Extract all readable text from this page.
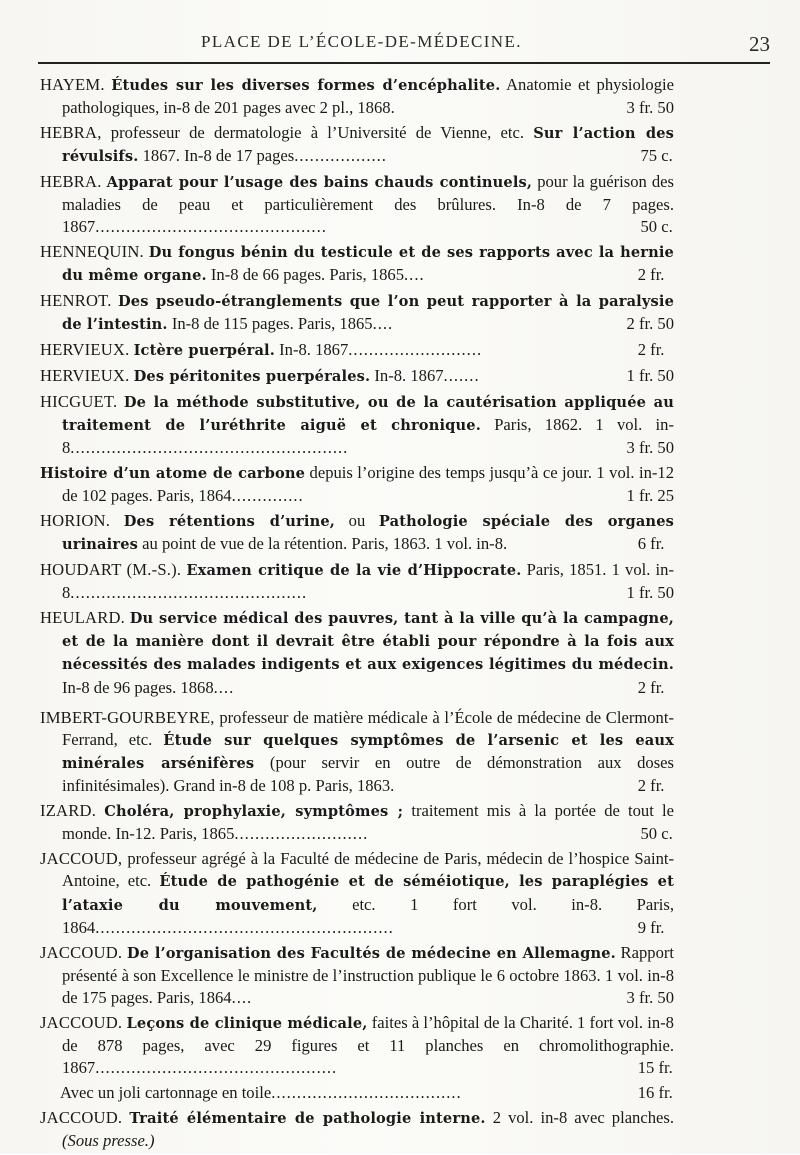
PLACE DE L’ÉCOLE-DE-MÉDECINE.	23

HAYEM. Études sur les diverses formes d’encéphalite. Anatomie et physiologie pathologiques, in-8 de 201 pages avec 2 pl., 1868.	3 fr. 50

HEBRA, professeur de dermatologie à l’Université de Vienne, etc. Sur l’action des révulsifs. 1867. In-8 de 17 pages..................	75 c.

HEBRA. Apparat pour l’usage des bains chauds continuels, pour la guérison des maladies de peau et particulièrement des brûlures. In-8 de 7 pages. 1867.............................................	50 c.

HENNEQUIN. Du fongus bénin du testicule et de ses rapports avec la hernie du même organe. In-8 de 66 pages. Paris, 1865....	2 fr.

HENROT. Des pseudo-étranglements que l’on peut rapporter à la paralysie de l’intestin. In-8 de 115 pages. Paris, 1865....	2 fr. 50

HERVIEUX. Ictère puerpéral. In-8. 1867..........................	2 fr.

HERVIEUX. Des péritonites puerpérales. In-8. 1867.......	1 fr. 50

HICGUET. De la méthode substitutive, ou de la cautérisation appliquée au traitement de l’uréthrite aiguë et chronique. Paris, 1862. 1 vol. in-8......................................................	3 fr. 50

Histoire d’un atome de carbone depuis l’origine des temps jusqu’à ce jour. 1 vol. in-12 de 102 pages. Paris, 1864..............	1 fr. 25

HORION. Des rétentions d’urine, ou Pathologie spéciale des organes urinaires au point de vue de la rétention. Paris, 1863. 1 vol. in-8.	6 fr.

HOUDART (M.-S.). Examen critique de la vie d’Hippocrate. Paris, 1851. 1 vol. in-8..............................................	1 fr. 50

HEULARD. Du service médical des pauvres, tant à la ville qu’à la campagne, et de la manière dont il devrait être établi pour répondre à la fois aux nécessités des malades indigents et aux exigences légitimes du médecin. In-8 de 96 pages. 1868....	2 fr.

IMBERT-GOURBEYRE, professeur de matière médicale à l’École de médecine de Clermont-Ferrand, etc. Étude sur quelques symptômes de l’arsenic et les eaux minérales arsénifères (pour servir en outre de démonstration aux doses infinitésimales). Grand in-8 de 108 p. Paris, 1863.	2 fr.

IZARD. Choléra, prophylaxie, symptômes ; traitement mis à la portée de tout le monde. In-12. Paris, 1865..........................	50 c.

JACCOUD, professeur agrégé à la Faculté de médecine de Paris, médecin de l’hospice Saint-Antoine, etc. Étude de pathogénie et de séméiotique, les paraplégies et l’ataxie du mouvement, etc. 1 fort vol. in-8. Paris, 1864..........................................................	9 fr.

JACCOUD. De l’organisation des Facultés de médecine en Allemagne. Rapport présenté à son Excellence le ministre de l’instruction publique le 6 octobre 1863. 1 vol. in-8 de 175 pages. Paris, 1864....	3 fr. 50

JACCOUD. Leçons de clinique médicale, faites à l’hôpital de la Charité. 1 fort vol. in-8 de 878 pages, avec 29 figures et 11 planches en chromolithographie. 1867...............................................	15 fr.

Avec un joli cartonnage en toile.....................................	16 fr.

JACCOUD. Traité élémentaire de pathologie interne. 2 vol. in-8 avec planches. (Sous presse.)
